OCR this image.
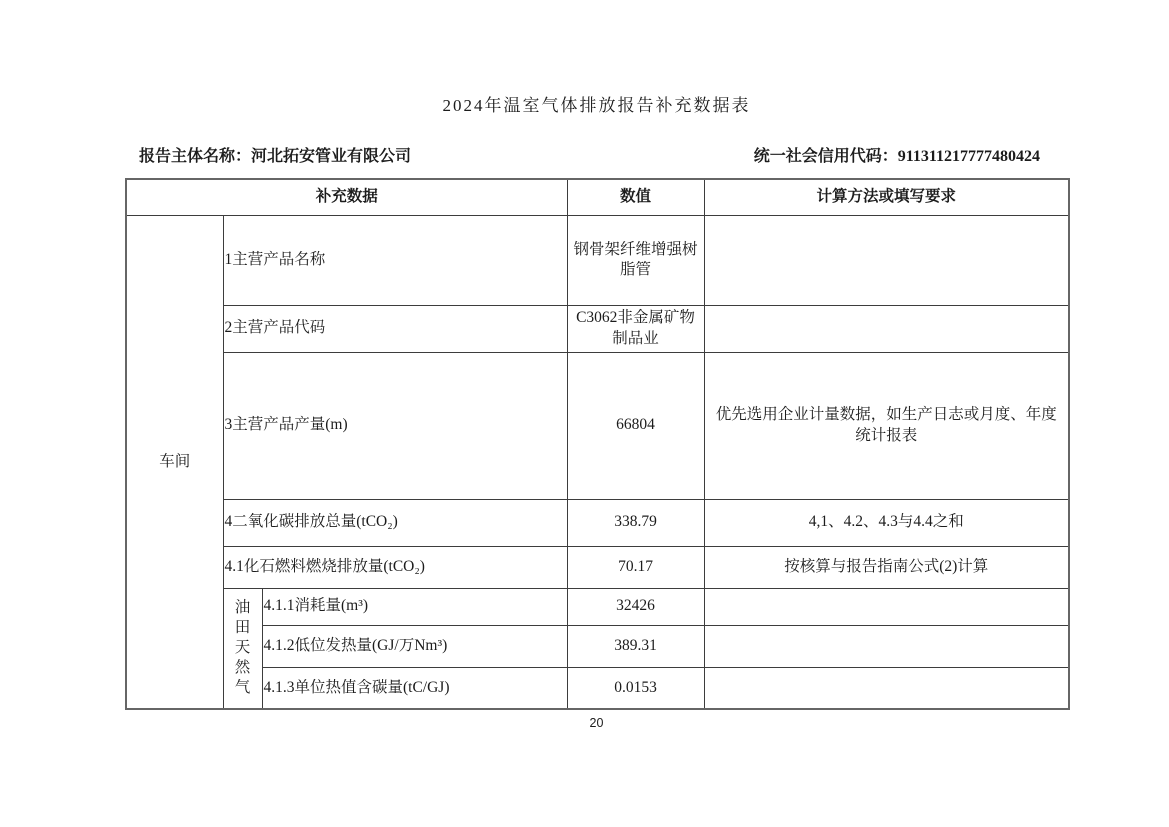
2024年温室气体排放报告补充数据表
报告主体名称：河北拓安管业有限公司	统一社会信用代码：911311217777480424
补充数据			数值	计算方法或填写要求
车间	1主营产品名称		钢骨架纤维增强树脂管	
	2主营产品代码		C3062非金属矿物制品业	
	3主营产品产量(m)		66804	优先选用企业计量数据，如生产日志或月度、年度统计报表
	4二氧化碳排放总量(tCO₂)		338.79	4,1、4.2、4.3与4.4之和
	4.1化石燃料燃烧排放量(tCO₂)		70.17	按核算与报告指南公式(2)计算

	油田天然气	4.1.1消耗量(m³)	32426	
		4.1.2低位发热量(GJ/万Nm³)	389.31	
		4.1.3单位热值含碳量(tC/GJ)	0.0153	
20
